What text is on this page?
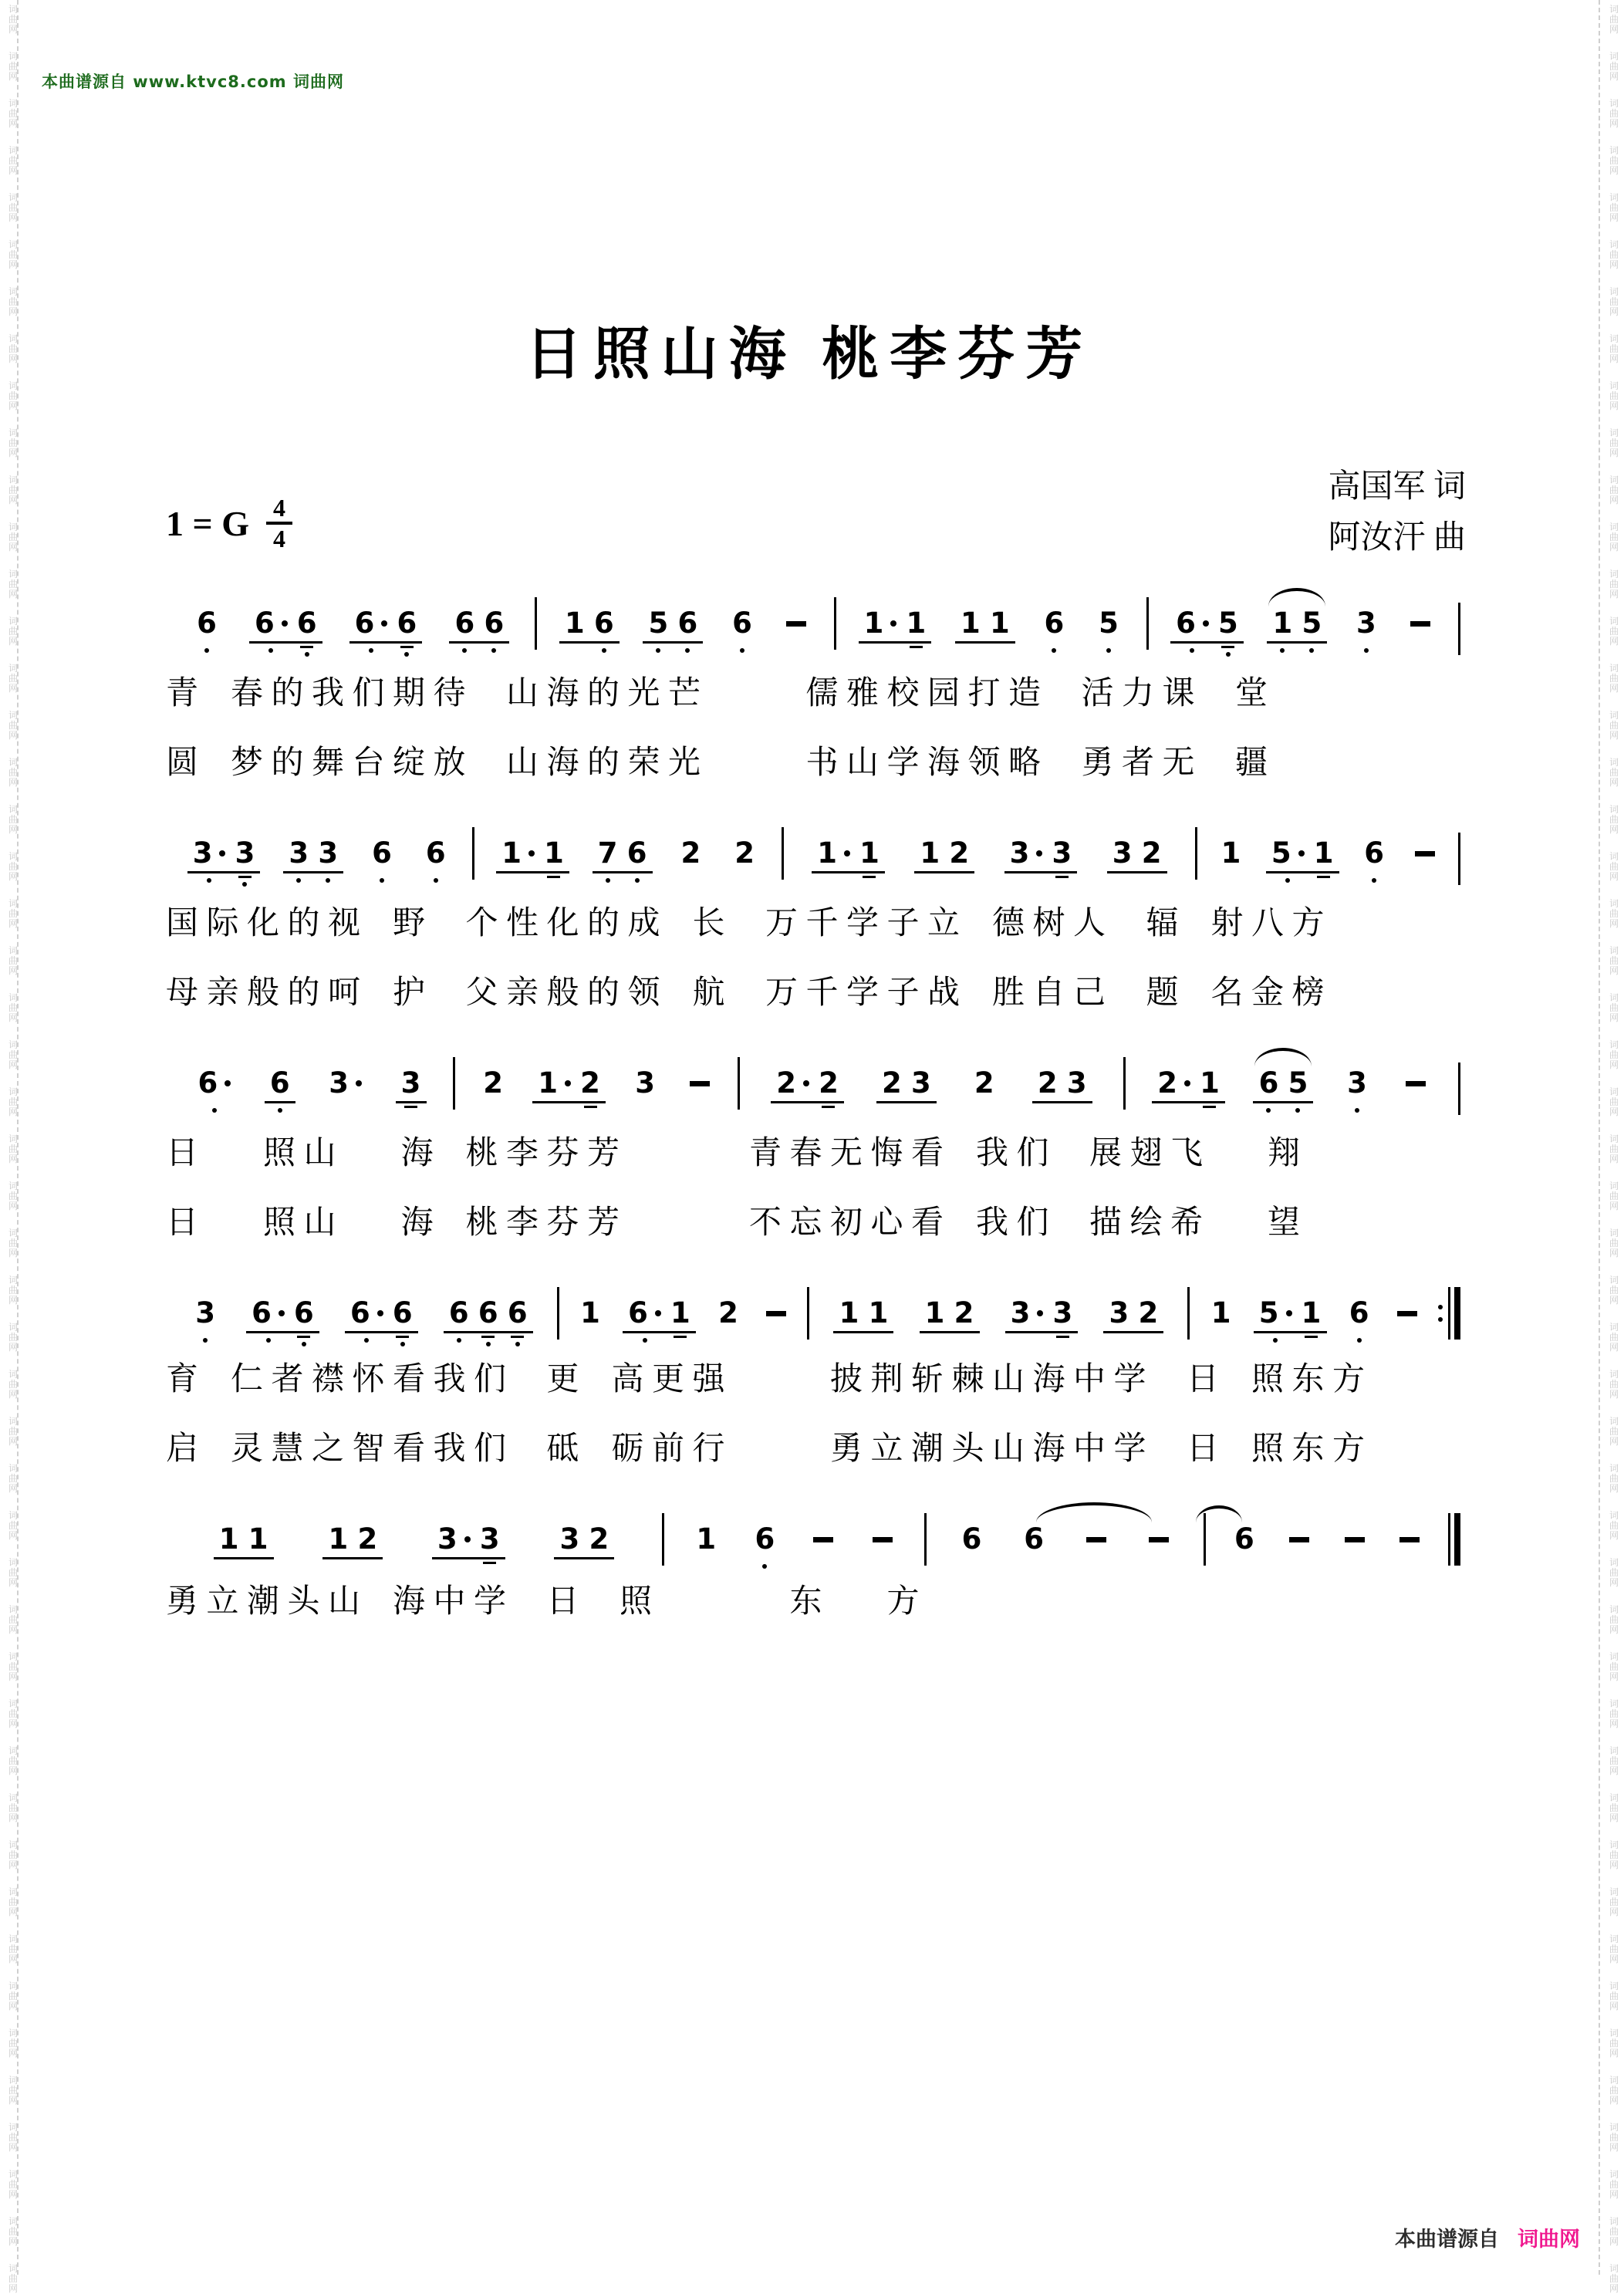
词
曲
网
词
曲
网
词
曲
网
词
曲
网
词
曲
网
词
曲
网
词
曲
网
词
曲
网
词
曲
网
词
曲
网
词
曲
网
词
曲
网
词
曲
网
词
曲
网
词
曲
网
词
曲
网
词
曲
网
词
曲
网
词
曲
网
词
曲
网
词
曲
网
词
曲
网
词
曲
网
词
曲
网
词
曲
网
词
曲
网
词
曲
网
词
曲
网
词
曲
网
词
曲
网
词
曲
网
词
曲
网
词
曲
网
词
曲
网
词
曲
网
词
曲
网
词
曲
网
词
曲
网
词
曲
网
词
曲
网
词
曲
网
词
曲
网
词
曲
网
词
曲
网
词
曲
网
词
曲
网
词
曲
网
词
曲
网
词
曲
网
词
曲
网
词
曲
网
词
曲
网
词
曲
网
词
曲
网
词
曲
网
词
曲
网
词
曲
网
词
曲
网
词
曲
网
词
曲
网
词
曲
网
词
曲
网
词
曲
网
词
曲
网
词
曲
网
词
曲
网
词
曲
网
词
曲
网
词
曲
网
词
曲
网
词
曲
网
词
曲
网
词
曲
网
词
曲
网
词
曲
网
词
曲
网
词
曲
网
词
曲
网
词
曲
网
词
曲
网
词
曲
网
词
曲
网
词
曲
网
词
曲
网
词
曲
网
词
曲
网
词
曲
网
词
曲
网
词
曲
网
词
曲
网
词
曲
网
词
曲
网
词
曲
网
词
曲
网
词
曲
网
词
曲
网
词
曲
网
词
曲
网
本曲谱源自 www.ktvc8.com 词曲网
日照山海 桃李芬芳
高国军 词
阿汝汗 曲
1 = G 4
4
6 6 6 6 6 6 6 1 6 5 6 6	1 1 1 1 6 5 6 5 1 5 3
青　春 的 我 们 期 待　 山 海 的 光 芒　　　 儒 雅 校 园 打 造　 活 力 课　 堂
圆　梦 的 舞 台 绽 放　 山 海 的 荣 光　　　 书 山 学 海 领 略　 勇 者 无　 疆
3 3 3 3 6 6 1 1 7 6 2 2 1 1 1 2 3 3 3 2 1 5 1 6
国 际 化 的 视　野　 个 性 化 的 成　长　 万 千 学 子 立　德 树 人　 辐　射 八 方
母 亲 般 的 呵　护　 父 亲 般 的 领　航　 万 千 学 子 战　胜 自 己　 题　名 金 榜
6 6 3 3 2 1 2 3	2 2 2 3 2 2 3 2 1 6 5 3
日　　照 山　　海　桃 李 芬 芳　　　　青 春 无 悔 看　我 们　 展 翅 飞　　翔
日　　照 山　　海　桃 李 芬 芳　　　　不 忘 初 心 看　我 们　 描 绘 希　　望
3 6 6 6 6 6 6 6 1 6 1 2	1 1 1 2 3 3 3 2 1 5 1 6
育　仁 者 襟 怀 看 我 们　 更　高 更 强　　　 披 荆 斩 棘 山 海 中 学　 日　照 东 方
启　灵 慧 之 智 看 我 们　 砥　砺 前 行　　　 勇 立 潮 头 山 海 中 学　 日　照 东 方
1 1 1 2 3 3 3 2	1 6	6 6	6
勇 立 潮 头 山　海 中 学　 日　 照　　　　 东　　方
本曲谱源自 词曲网
